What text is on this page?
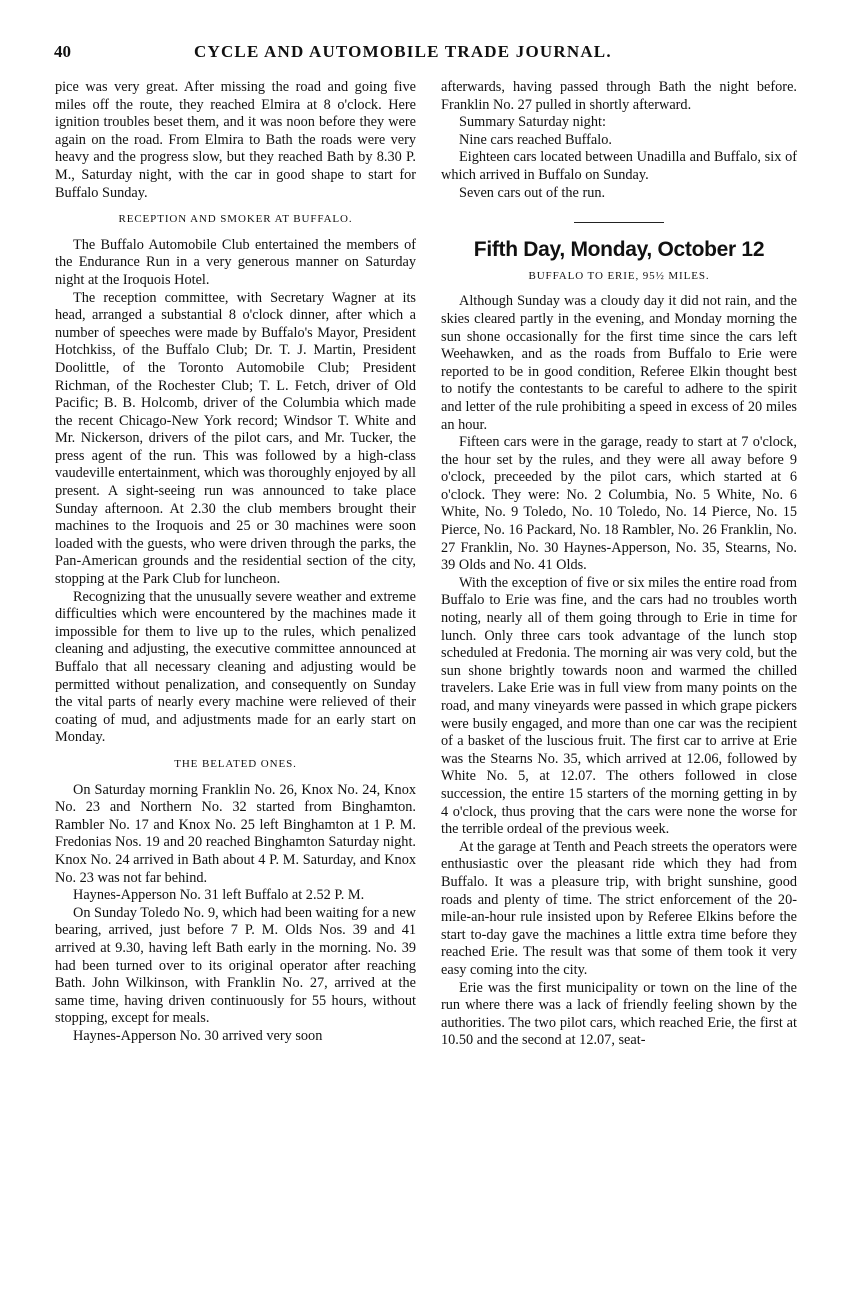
40	CYCLE AND AUTOMOBILE TRADE JOURNAL.

pice was very great. After missing the road and going five miles off the route, they reached Elmira at 8 o'clock. Here ignition troubles beset them, and it was noon before they were again on the road. From Elmira to Bath the roads were very heavy and the progress slow, but they reached Bath by 8.30 P. M., Saturday night, with the car in good shape to start for Buffalo Sunday.

RECEPTION AND SMOKER AT BUFFALO.

The Buffalo Automobile Club entertained the members of the Endurance Run in a very generous manner on Saturday night at the Iroquois Hotel.

The reception committee, with Secretary Wagner at its head, arranged a substantial 8 o'clock dinner, after which a number of speeches were made by Buffalo's Mayor, President Hotchkiss, of the Buffalo Club; Dr. T. J. Martin, President Doolittle, of the Toronto Automobile Club; President Richman, of the Rochester Club; T. L. Fetch, driver of Old Pacific; B. B. Holcomb, driver of the Columbia which made the recent Chicago-New York record; Windsor T. White and Mr. Nickerson, drivers of the pilot cars, and Mr. Tucker, the press agent of the run. This was followed by a high-class vaudeville entertainment, which was thoroughly enjoyed by all present. A sight-seeing run was announced to take place Sunday afternoon. At 2.30 the club members brought their machines to the Iroquois and 25 or 30 machines were soon loaded with the guests, who were driven through the parks, the Pan-American grounds and the residential section of the city, stopping at the Park Club for luncheon.

Recognizing that the unusually severe weather and extreme difficulties which were encountered by the machines made it impossible for them to live up to the rules, which penalized cleaning and adjusting, the executive committee announced at Buffalo that all necessary cleaning and adjusting would be permitted without penalization, and consequently on Sunday the vital parts of nearly every machine were relieved of their coating of mud, and adjustments made for an early start on Monday.

THE BELATED ONES.

On Saturday morning Franklin No. 26, Knox No. 24, Knox No. 23 and Northern No. 32 started from Binghamton. Rambler No. 17 and Knox No. 25 left Binghamton at 1 P. M. Fredonias Nos. 19 and 20 reached Binghamton Saturday night. Knox No. 24 arrived in Bath about 4 P. M. Saturday, and Knox No. 23 was not far behind.

Haynes-Apperson No. 31 left Buffalo at 2.52 P. M.

On Sunday Toledo No. 9, which had been waiting for a new bearing, arrived, just before 7 P. M. Olds Nos. 39 and 41 arrived at 9.30, having left Bath early in the morning. No. 39 had been turned over to its original operator after reaching Bath. John Wilkinson, with Franklin No. 27, arrived at the same time, having driven continuously for 55 hours, without stopping, except for meals.

Haynes-Apperson No. 30 arrived very soon

afterwards, having passed through Bath the night before. Franklin No. 27 pulled in shortly afterward.

Summary Saturday night:

Nine cars reached Buffalo.

Eighteen cars located between Unadilla and Buffalo, six of which arrived in Buffalo on Sunday.

Seven cars out of the run.

Fifth Day, Monday, October 12
BUFFALO TO ERIE, 95½ MILES.

Although Sunday was a cloudy day it did not rain, and the skies cleared partly in the evening, and Monday morning the sun shone occasionally for the first time since the cars left Weehawken, and as the roads from Buffalo to Erie were reported to be in good condition, Referee Elkin thought best to notify the contestants to be careful to adhere to the spirit and letter of the rule prohibiting a speed in excess of 20 miles an hour.

Fifteen cars were in the garage, ready to start at 7 o'clock, the hour set by the rules, and they were all away before 9 o'clock, preceeded by the pilot cars, which started at 6 o'clock. They were: No. 2 Columbia, No. 5 White, No. 6 White, No. 9 Toledo, No. 10 Toledo, No. 14 Pierce, No. 15 Pierce, No. 16 Packard, No. 18 Rambler, No. 26 Franklin, No. 27 Franklin, No. 30 Haynes-Apperson, No. 35, Stearns, No. 39 Olds and No. 41 Olds.

With the exception of five or six miles the entire road from Buffalo to Erie was fine, and the cars had no troubles worth noting, nearly all of them going through to Erie in time for lunch. Only three cars took advantage of the lunch stop scheduled at Fredonia. The morning air was very cold, but the sun shone brightly towards noon and warmed the chilled travelers. Lake Erie was in full view from many points on the road, and many vineyards were passed in which grape pickers were busily engaged, and more than one car was the recipient of a basket of the luscious fruit. The first car to arrive at Erie was the Stearns No. 35, which arrived at 12.06, followed by White No. 5, at 12.07. The others followed in close succession, the entire 15 starters of the morning getting in by 4 o'clock, thus proving that the cars were none the worse for the terrible ordeal of the previous week.

At the garage at Tenth and Peach streets the operators were enthusiastic over the pleasant ride which they had from Buffalo. It was a pleasure trip, with bright sunshine, good roads and plenty of time. The strict enforcement of the 20-mile-an-hour rule insisted upon by Referee Elkins before the start to-day gave the machines a little extra time before they reached Erie. The result was that some of them took it very easy coming into the city.

Erie was the first municipality or town on the line of the run where there was a lack of friendly feeling shown by the authorities. The two pilot cars, which reached Erie, the first at 10.50 and the second at 12.07, seat-
